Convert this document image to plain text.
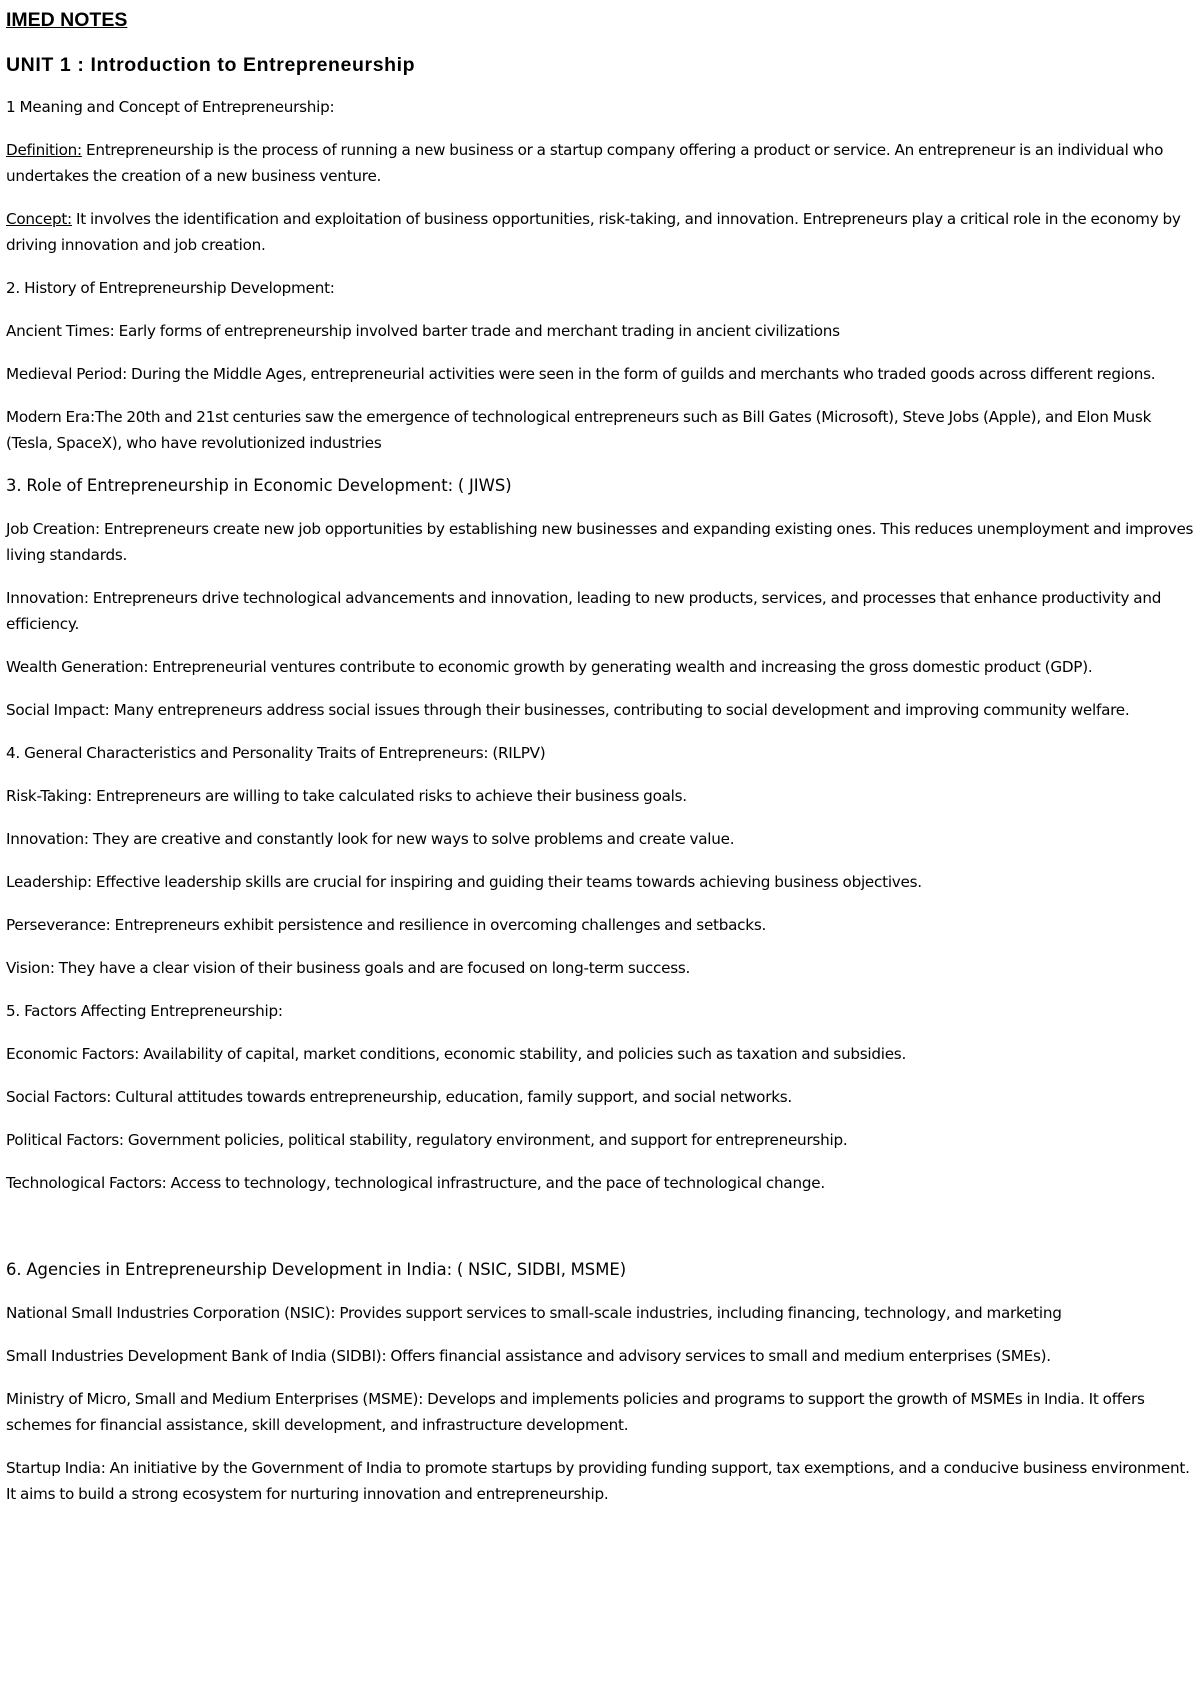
IMED NOTES
UNIT 1 : Introduction to Entrepreneurship

1 Meaning and Concept of Entrepreneurship:

Definition: Entrepreneurship is the process of running a new business or a startup company offering a product or service. An entrepreneur is an individual who undertakes the creation of a new business venture.

Concept: It involves the identification and exploitation of business opportunities, risk-taking, and innovation. Entrepreneurs play a critical role in the economy by driving innovation and job creation.

2. History of Entrepreneurship Development:

Ancient Times: Early forms of entrepreneurship involved barter trade and merchant trading in ancient civilizations

Medieval Period: During the Middle Ages, entrepreneurial activities were seen in the form of guilds and merchants who traded goods across different regions.

Modern Era:The 20th and 21st centuries saw the emergence of technological entrepreneurs such as Bill Gates (Microsoft), Steve Jobs (Apple), and Elon Musk (Tesla, SpaceX), who have revolutionized industries

3. Role of Entrepreneurship in Economic Development: ( JIWS)

Job Creation: Entrepreneurs create new job opportunities by establishing new businesses and expanding existing ones. This reduces unemployment and improves living standards.

Innovation: Entrepreneurs drive technological advancements and innovation, leading to new products, services, and processes that enhance productivity and efficiency.

Wealth Generation: Entrepreneurial ventures contribute to economic growth by generating wealth and increasing the gross domestic product (GDP).

Social Impact: Many entrepreneurs address social issues through their businesses, contributing to social development and improving community welfare.

4. General Characteristics and Personality Traits of Entrepreneurs: (RILPV)

Risk-Taking: Entrepreneurs are willing to take calculated risks to achieve their business goals.

Innovation: They are creative and constantly look for new ways to solve problems and create value.

Leadership: Effective leadership skills are crucial for inspiring and guiding their teams towards achieving business objectives.

Perseverance: Entrepreneurs exhibit persistence and resilience in overcoming challenges and setbacks.

Vision: They have a clear vision of their business goals and are focused on long-term success.

5. Factors Affecting Entrepreneurship:

Economic Factors: Availability of capital, market conditions, economic stability, and policies such as taxation and subsidies.

Social Factors: Cultural attitudes towards entrepreneurship, education, family support, and social networks.

Political Factors: Government policies, political stability, regulatory environment, and support for entrepreneurship.

Technological Factors: Access to technology, technological infrastructure, and the pace of technological change.

6. Agencies in Entrepreneurship Development in India: ( NSIC, SIDBI, MSME)

National Small Industries Corporation (NSIC): Provides support services to small-scale industries, including financing, technology, and marketing

Small Industries Development Bank of India (SIDBI): Offers financial assistance and advisory services to small and medium enterprises (SMEs).

Ministry of Micro, Small and Medium Enterprises (MSME): Develops and implements policies and programs to support the growth of MSMEs in India. It offers schemes for financial assistance, skill development, and infrastructure development.

Startup India: An initiative by the Government of India to promote startups by providing funding support, tax exemptions, and a conducive business environment. It aims to build a strong ecosystem for nurturing innovation and entrepreneurship.
